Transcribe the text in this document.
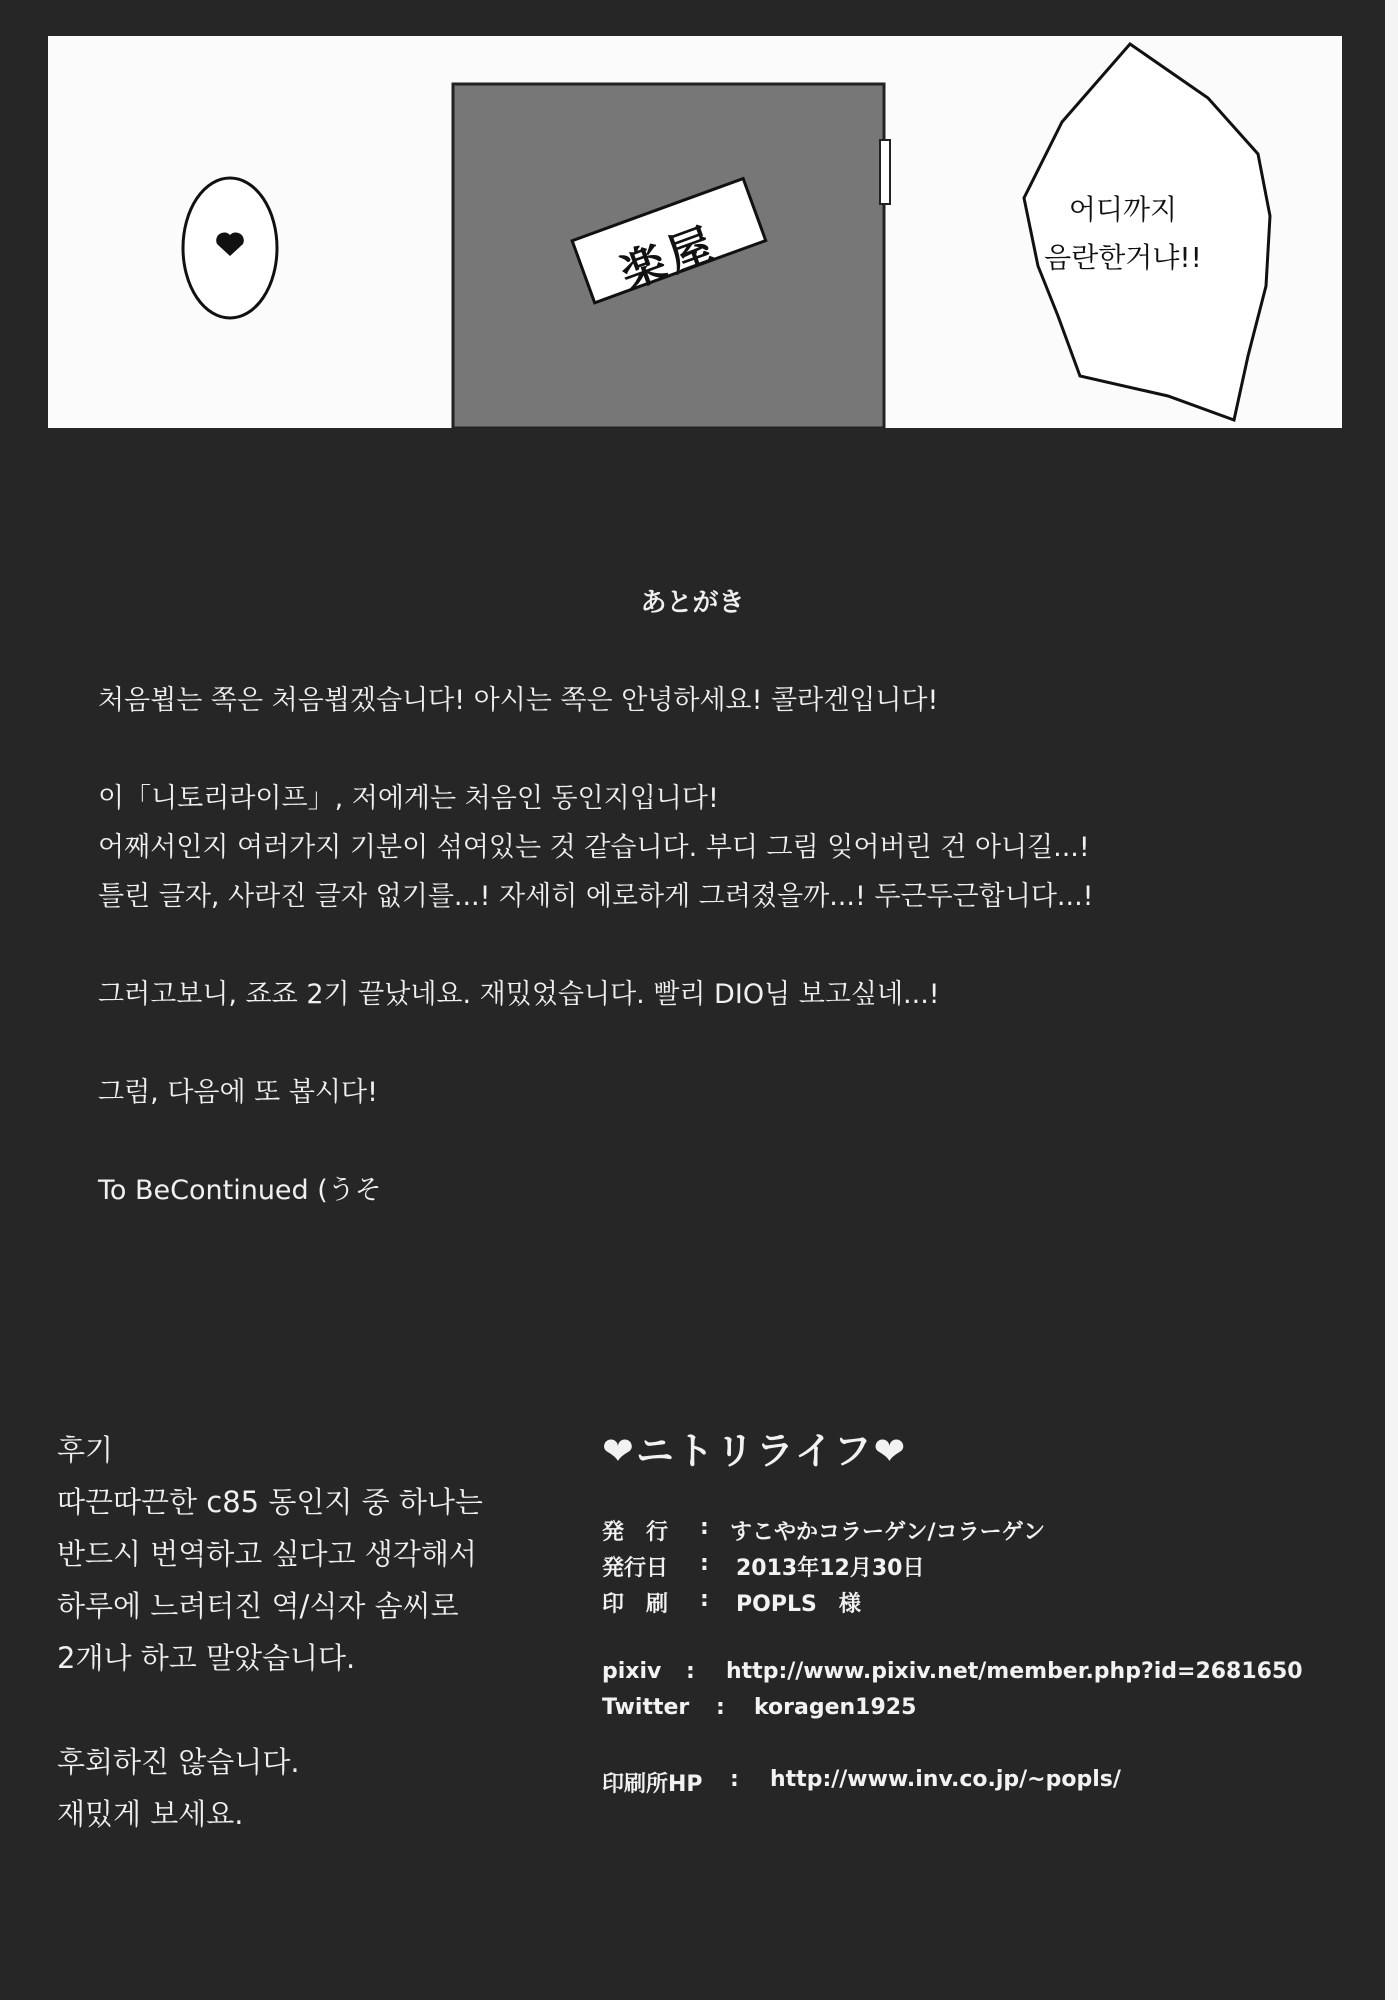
楽屋
어디까지
음란한거냐!!
あとがき

처음뵙는 쪽은 처음뵙겠습니다! 아시는 쪽은 안녕하세요! 콜라겐입니다!

이「니토리라이프」, 저에게는 처음인 동인지입니다!

어째서인지 여러가지 기분이 섞여있는 것 같습니다. 부디 그림 잊어버린 건 아니길...!

틀린 글자, 사라진 글자 없기를...! 자세히 에로하게 그려졌을까...! 두근두근합니다...!

그러고보니, 죠죠 2기 끝났네요. 재밌었습니다. 빨리 DIO님 보고싶네...!

그럼, 다음에 또 봅시다!

To BeContinued (うそ

후기

따끈따끈한 c85 동인지 중 하나는

반드시 번역하고 싶다고 생각해서

하루에 느려터진 역/식자 솜씨로

2개나 하고 말았습니다.

후회하진 않습니다.

재밌게 보세요.

❤ニトリライフ❤
発　行 : すこやかコラーゲン/コラーゲン
発行日 : 2013年12月30日
印　刷 : POPLS　様
pixiv : http://www.pixiv.net/member.php?id=2681650
Twitter : koragen1925
印刷所HP : http://www.inv.co.jp/~popls/
